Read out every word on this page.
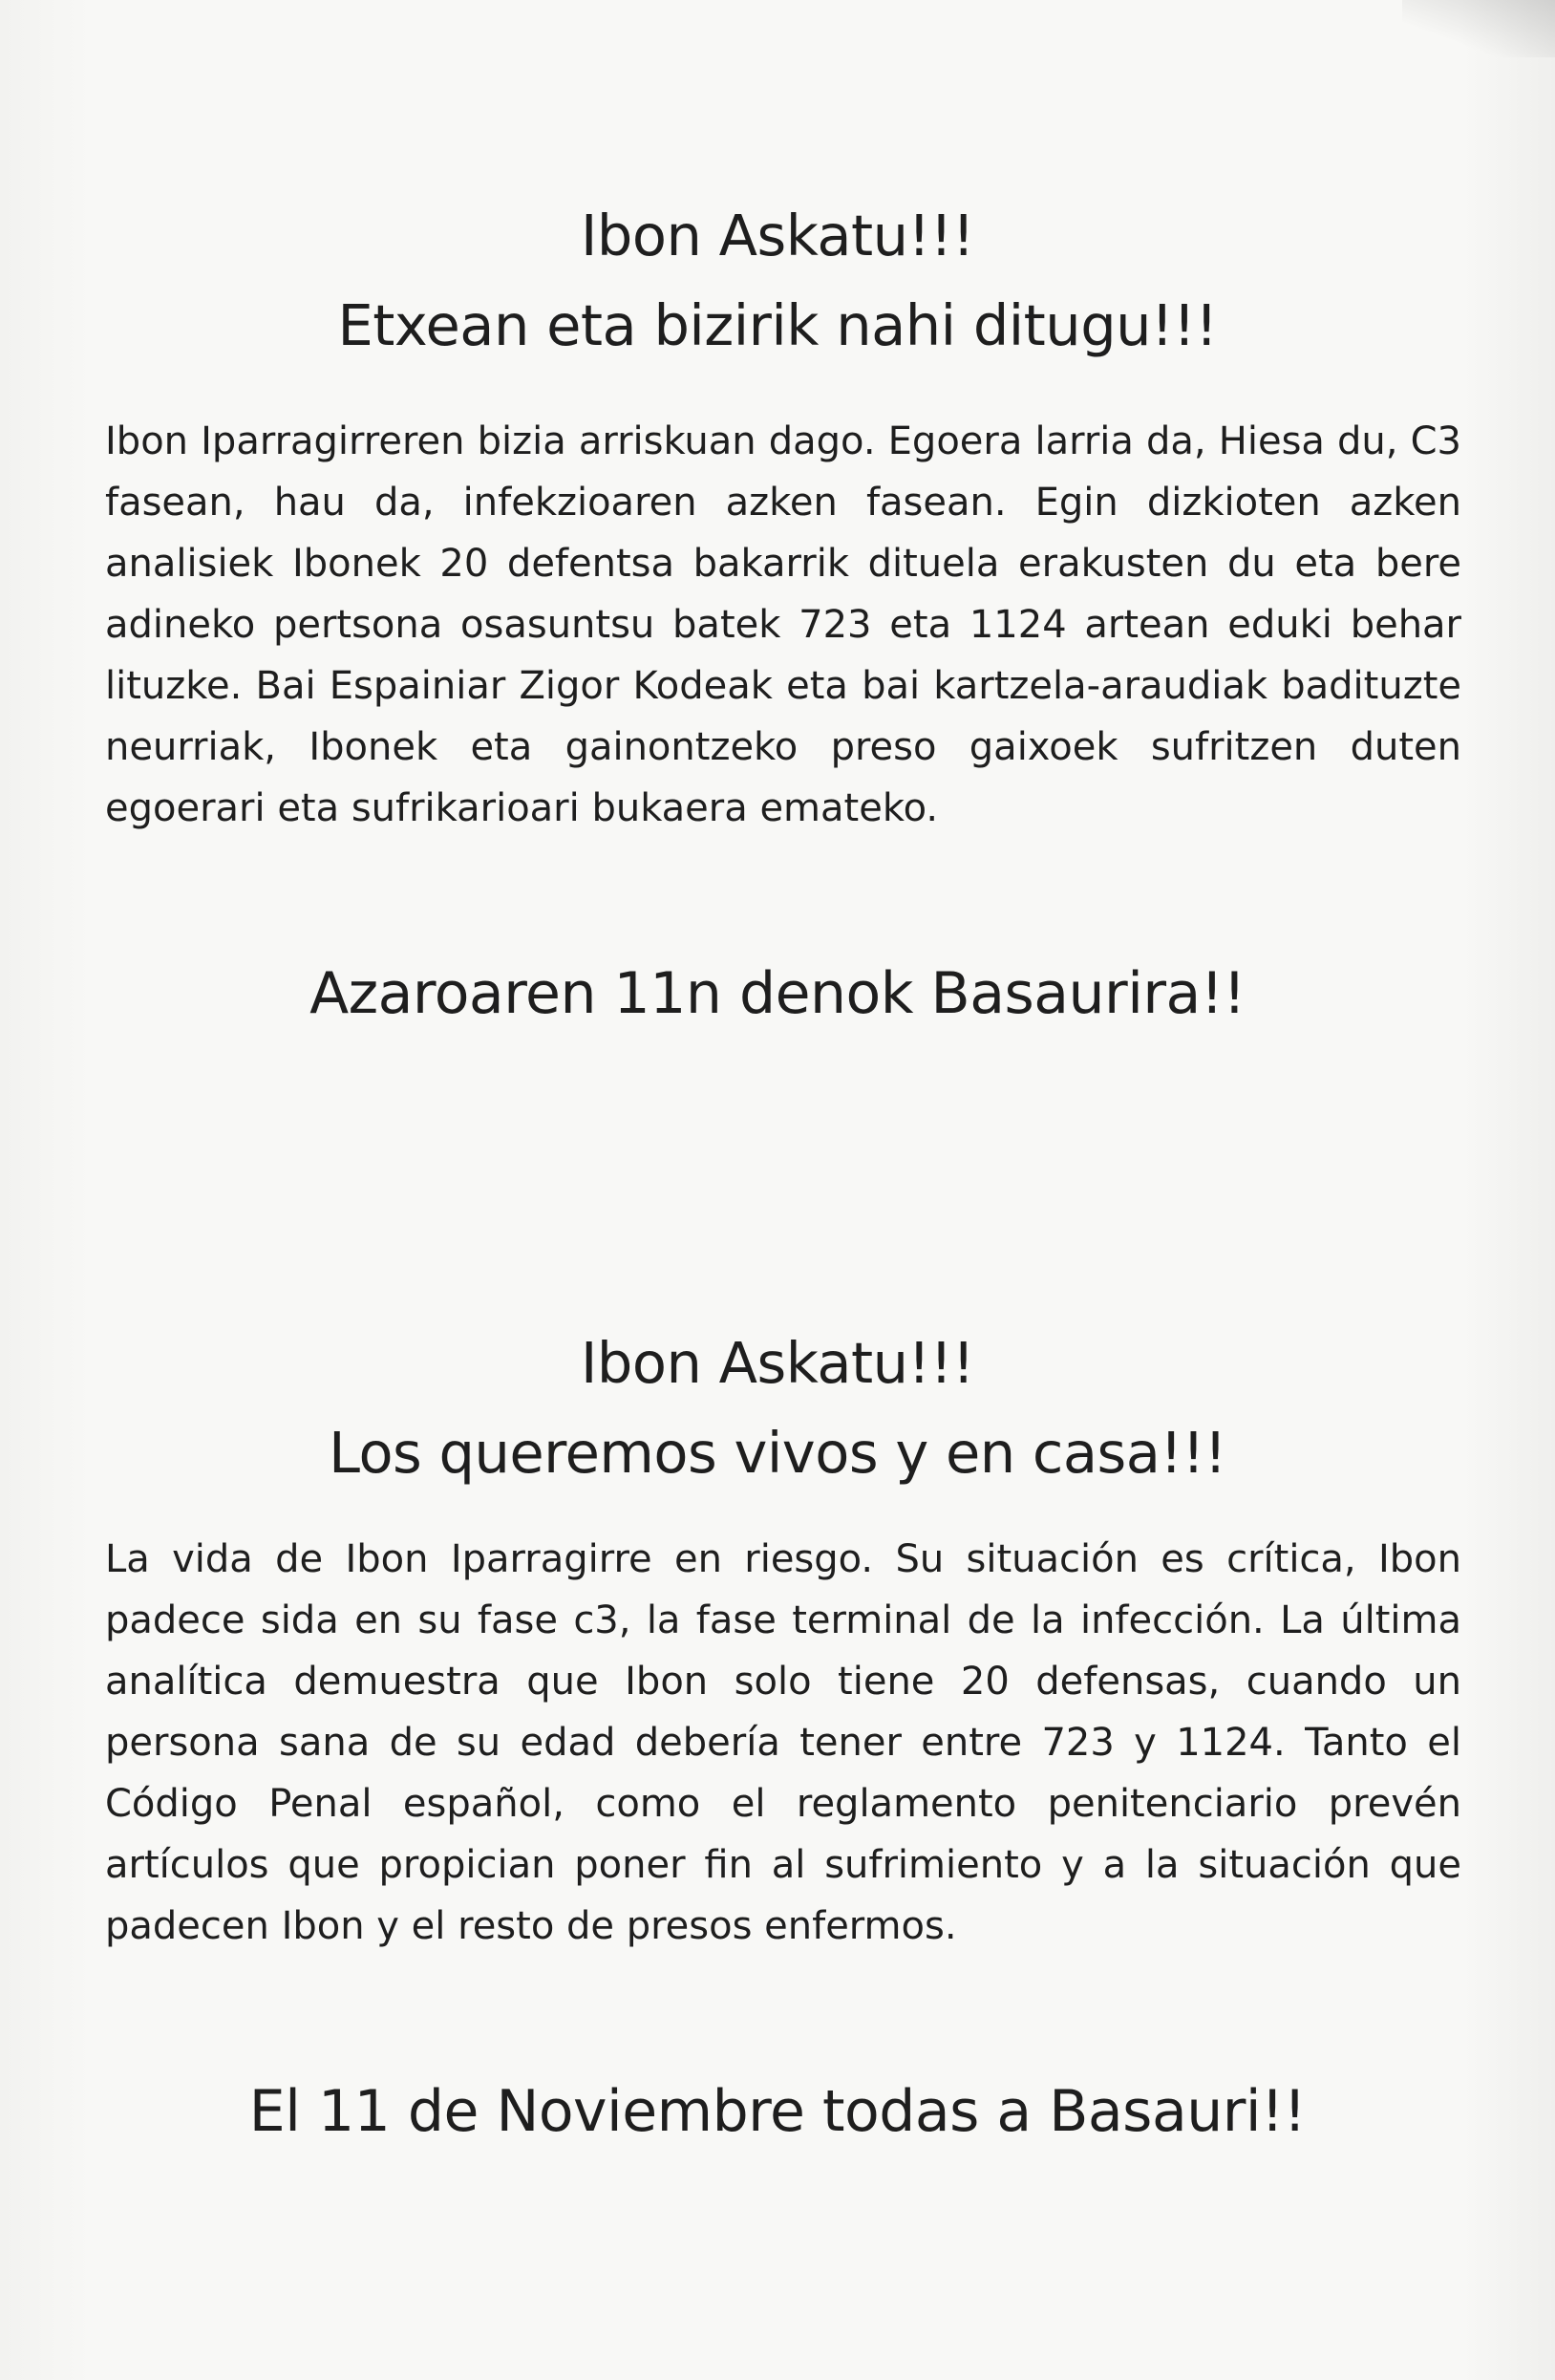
Ibon Askatu!!!
Etxean eta bizirik nahi ditugu!!!

Ibon Iparragirreren bizia arriskuan dago. Egoera larria da, Hiesa du, C3 fasean, hau da, infekzioaren azken fasean. Egin dizkioten azken analisiek Ibonek 20 defentsa bakarrik dituela erakusten du eta bere adineko pertsona osasuntsu batek 723 eta 1124 artean eduki behar lituzke. Bai Espainiar Zigor Kodeak eta bai kartzela-araudiak badituzte neurriak, Ibonek eta gainontzeko preso gaixoek sufritzen duten egoerari eta sufrikarioari bukaera emateko.

Azaroaren 11n denok Basaurira!!
Ibon Askatu!!!
Los queremos vivos y en casa!!!

La vida de Ibon Iparragirre en riesgo. Su situación es crítica, Ibon padece sida en su fase c3, la fase terminal de la infección. La última analítica demuestra que Ibon solo tiene 20 defensas, cuando un persona sana de su edad debería tener entre 723 y 1124. Tanto el Código Penal español, como el reglamento penitenciario prevén artículos que propician poner fin al sufrimiento y a la situación que padecen Ibon y el resto de presos enfermos.

El 11 de Noviembre todas a Basauri!!
